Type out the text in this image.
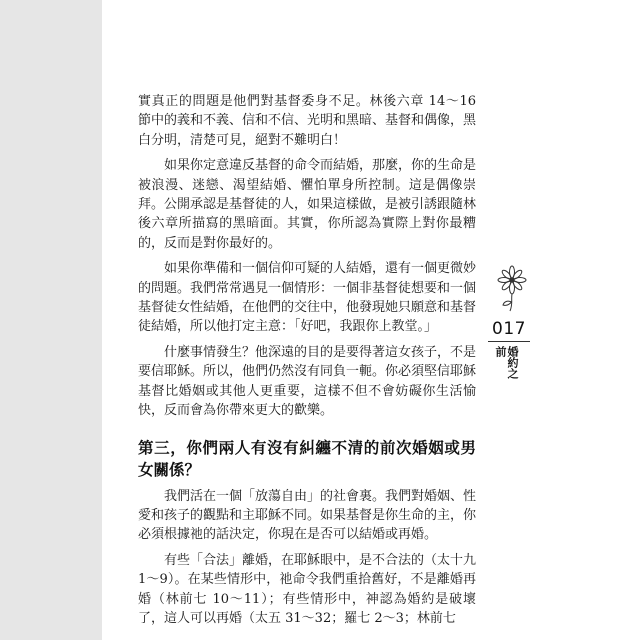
實真正的問題是他們對基督委身不足。林後六章 14～16 節中的義和不義、信和不信、光明和黑暗、基督和偶像，黑白分明，清楚可見，絕對不難明白！

如果你定意違反基督的命令而結婚，那麼，你的生命是被浪漫、迷戀、渴望結婚、懼怕單身所控制。這是偶像崇拜。公開承認是基督徒的人，如果這樣做，是被引誘跟隨林後六章所描寫的黑暗面。其實，你所認為實際上對你最糟的，反而是對你最好的。

如果你準備和一個信仰可疑的人結婚，還有一個更微妙的問題。我們常常遇見一個情形：一個非基督徒想要和一個基督徒女性結婚，在他們的交往中，他發現她只願意和基督徒結婚，所以他打定主意：「好吧，我跟你上教堂。」

什麼事情發生？他深遠的目的是要得著這女孩子，不是要信耶穌。所以，他們仍然沒有同負一軛。你必須堅信耶穌基督比婚姻或其他人更重要，這樣不但不會妨礙你生活愉快，反而會為你帶來更大的歡樂。

第三，你們兩人有沒有糾纏不清的前次婚姻或男女關係？

我們活在一個「放蕩自由」的社會裏。我們對婚姻、性愛和孩子的觀點和主耶穌不同。如果基督是你生命的主，你必須根據祂的話決定，你現在是否可以結婚或再婚。

有些「合法」離婚，在耶穌眼中，是不合法的（太十九 1～9）。在某些情形中，祂命令我們重拾舊好，不是離婚再婚（林前七 10～11）；有些情形中，神認為婚約是破壞了，這人可以再婚（太五 31～32；羅七 2～3；林前七

017
婚約之前
